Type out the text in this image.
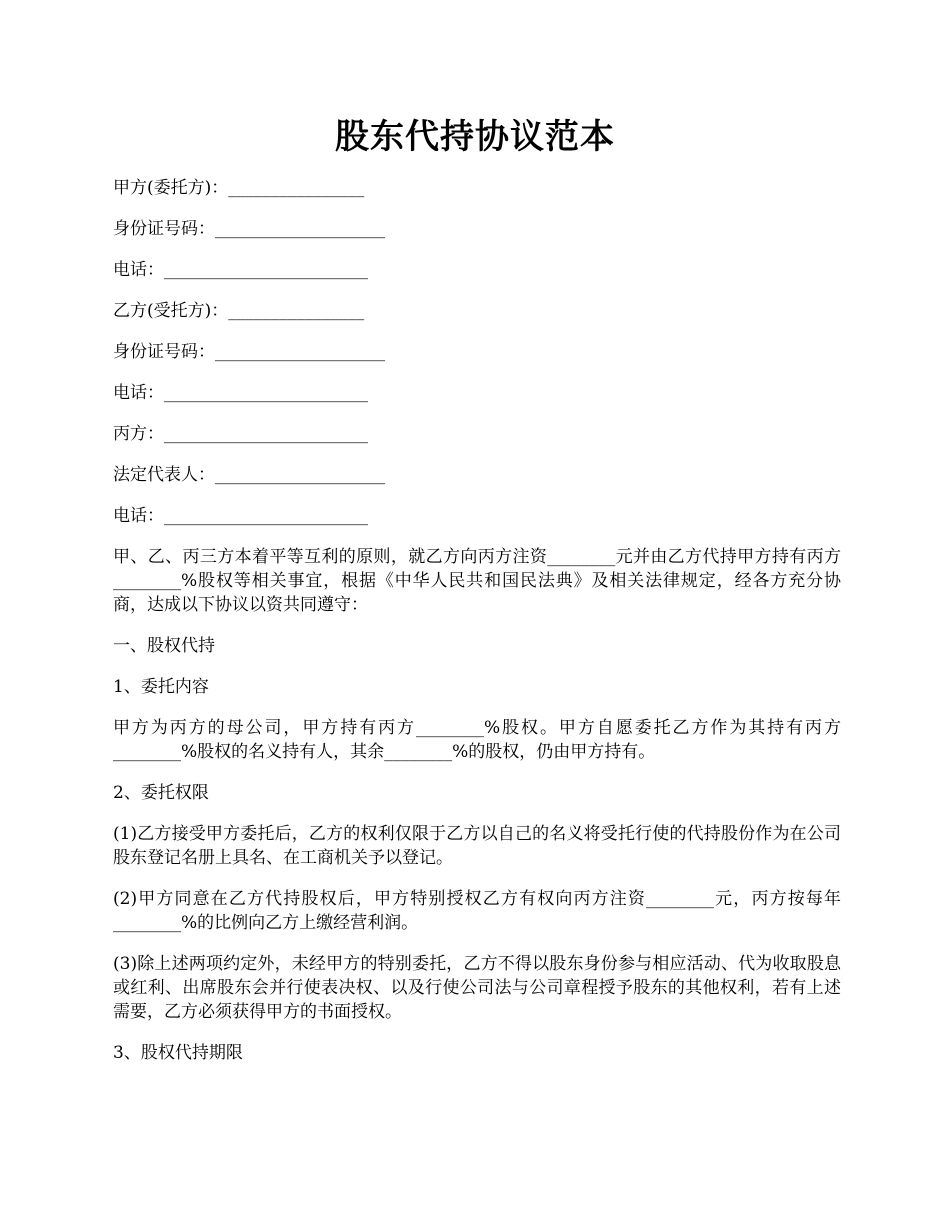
股东代持协议范本
甲方(委托方)：________________
身份证号码：____________________
电话：________________________
乙方(受托方)：________________
身份证号码：____________________
电话：________________________
丙方：________________________
法定代表人：____________________
电话：________________________
甲、乙、丙三方本着平等互利的原则，就乙方向丙方注资________元并由乙方代持甲方持有丙方________%股权等相关事宜，根据《中华人民共和国民法典》及相关法律规定，经各方充分协商，达成以下协议以资共同遵守：
一、股权代持
1、委托内容
甲方为丙方的母公司，甲方持有丙方________%股权。甲方自愿委托乙方作为其持有丙方________%股权的名义持有人，其余________%的股权，仍由甲方持有。
2、委托权限
(1)乙方接受甲方委托后，乙方的权利仅限于乙方以自己的名义将受托行使的代持股份作为在公司股东登记名册上具名、在工商机关予以登记。
(2)甲方同意在乙方代持股权后，甲方特别授权乙方有权向丙方注资________元，丙方按每年________%的比例向乙方上缴经营利润。
(3)除上述两项约定外，未经甲方的特别委托，乙方不得以股东身份参与相应活动、代为收取股息或红利、出席股东会并行使表决权、以及行使公司法与公司章程授予股东的其他权利，若有上述需要，乙方必须获得甲方的书面授权。
3、股权代持期限
